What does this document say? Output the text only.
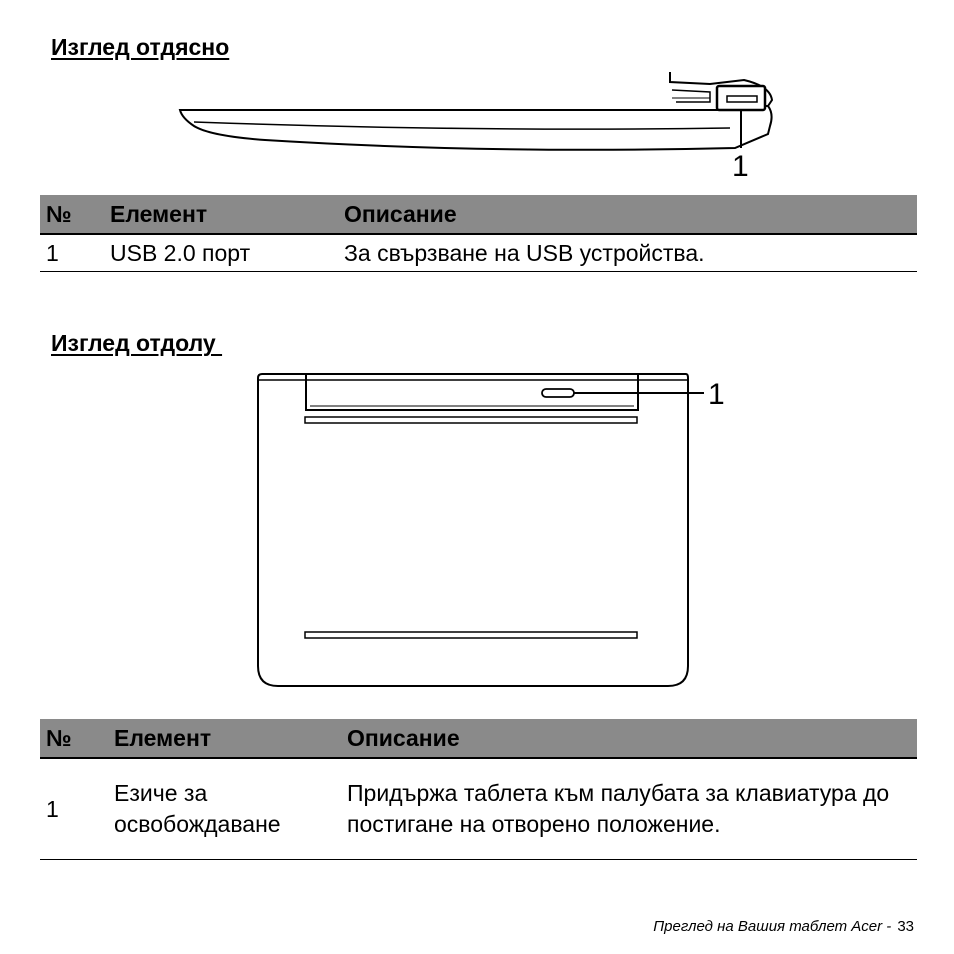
Изглед отдясно
1
№	Елемент	Описание
1	USB 2.0 порт	За свързване на USB устройства.
Изглед отдолу
1
№	Елемент	Описание
1	Езиче за освобождаване	Придържа таблета към палубата за клавиатура до постигане на отворено положение.
Преглед на Вашия таблет Acer - 33
